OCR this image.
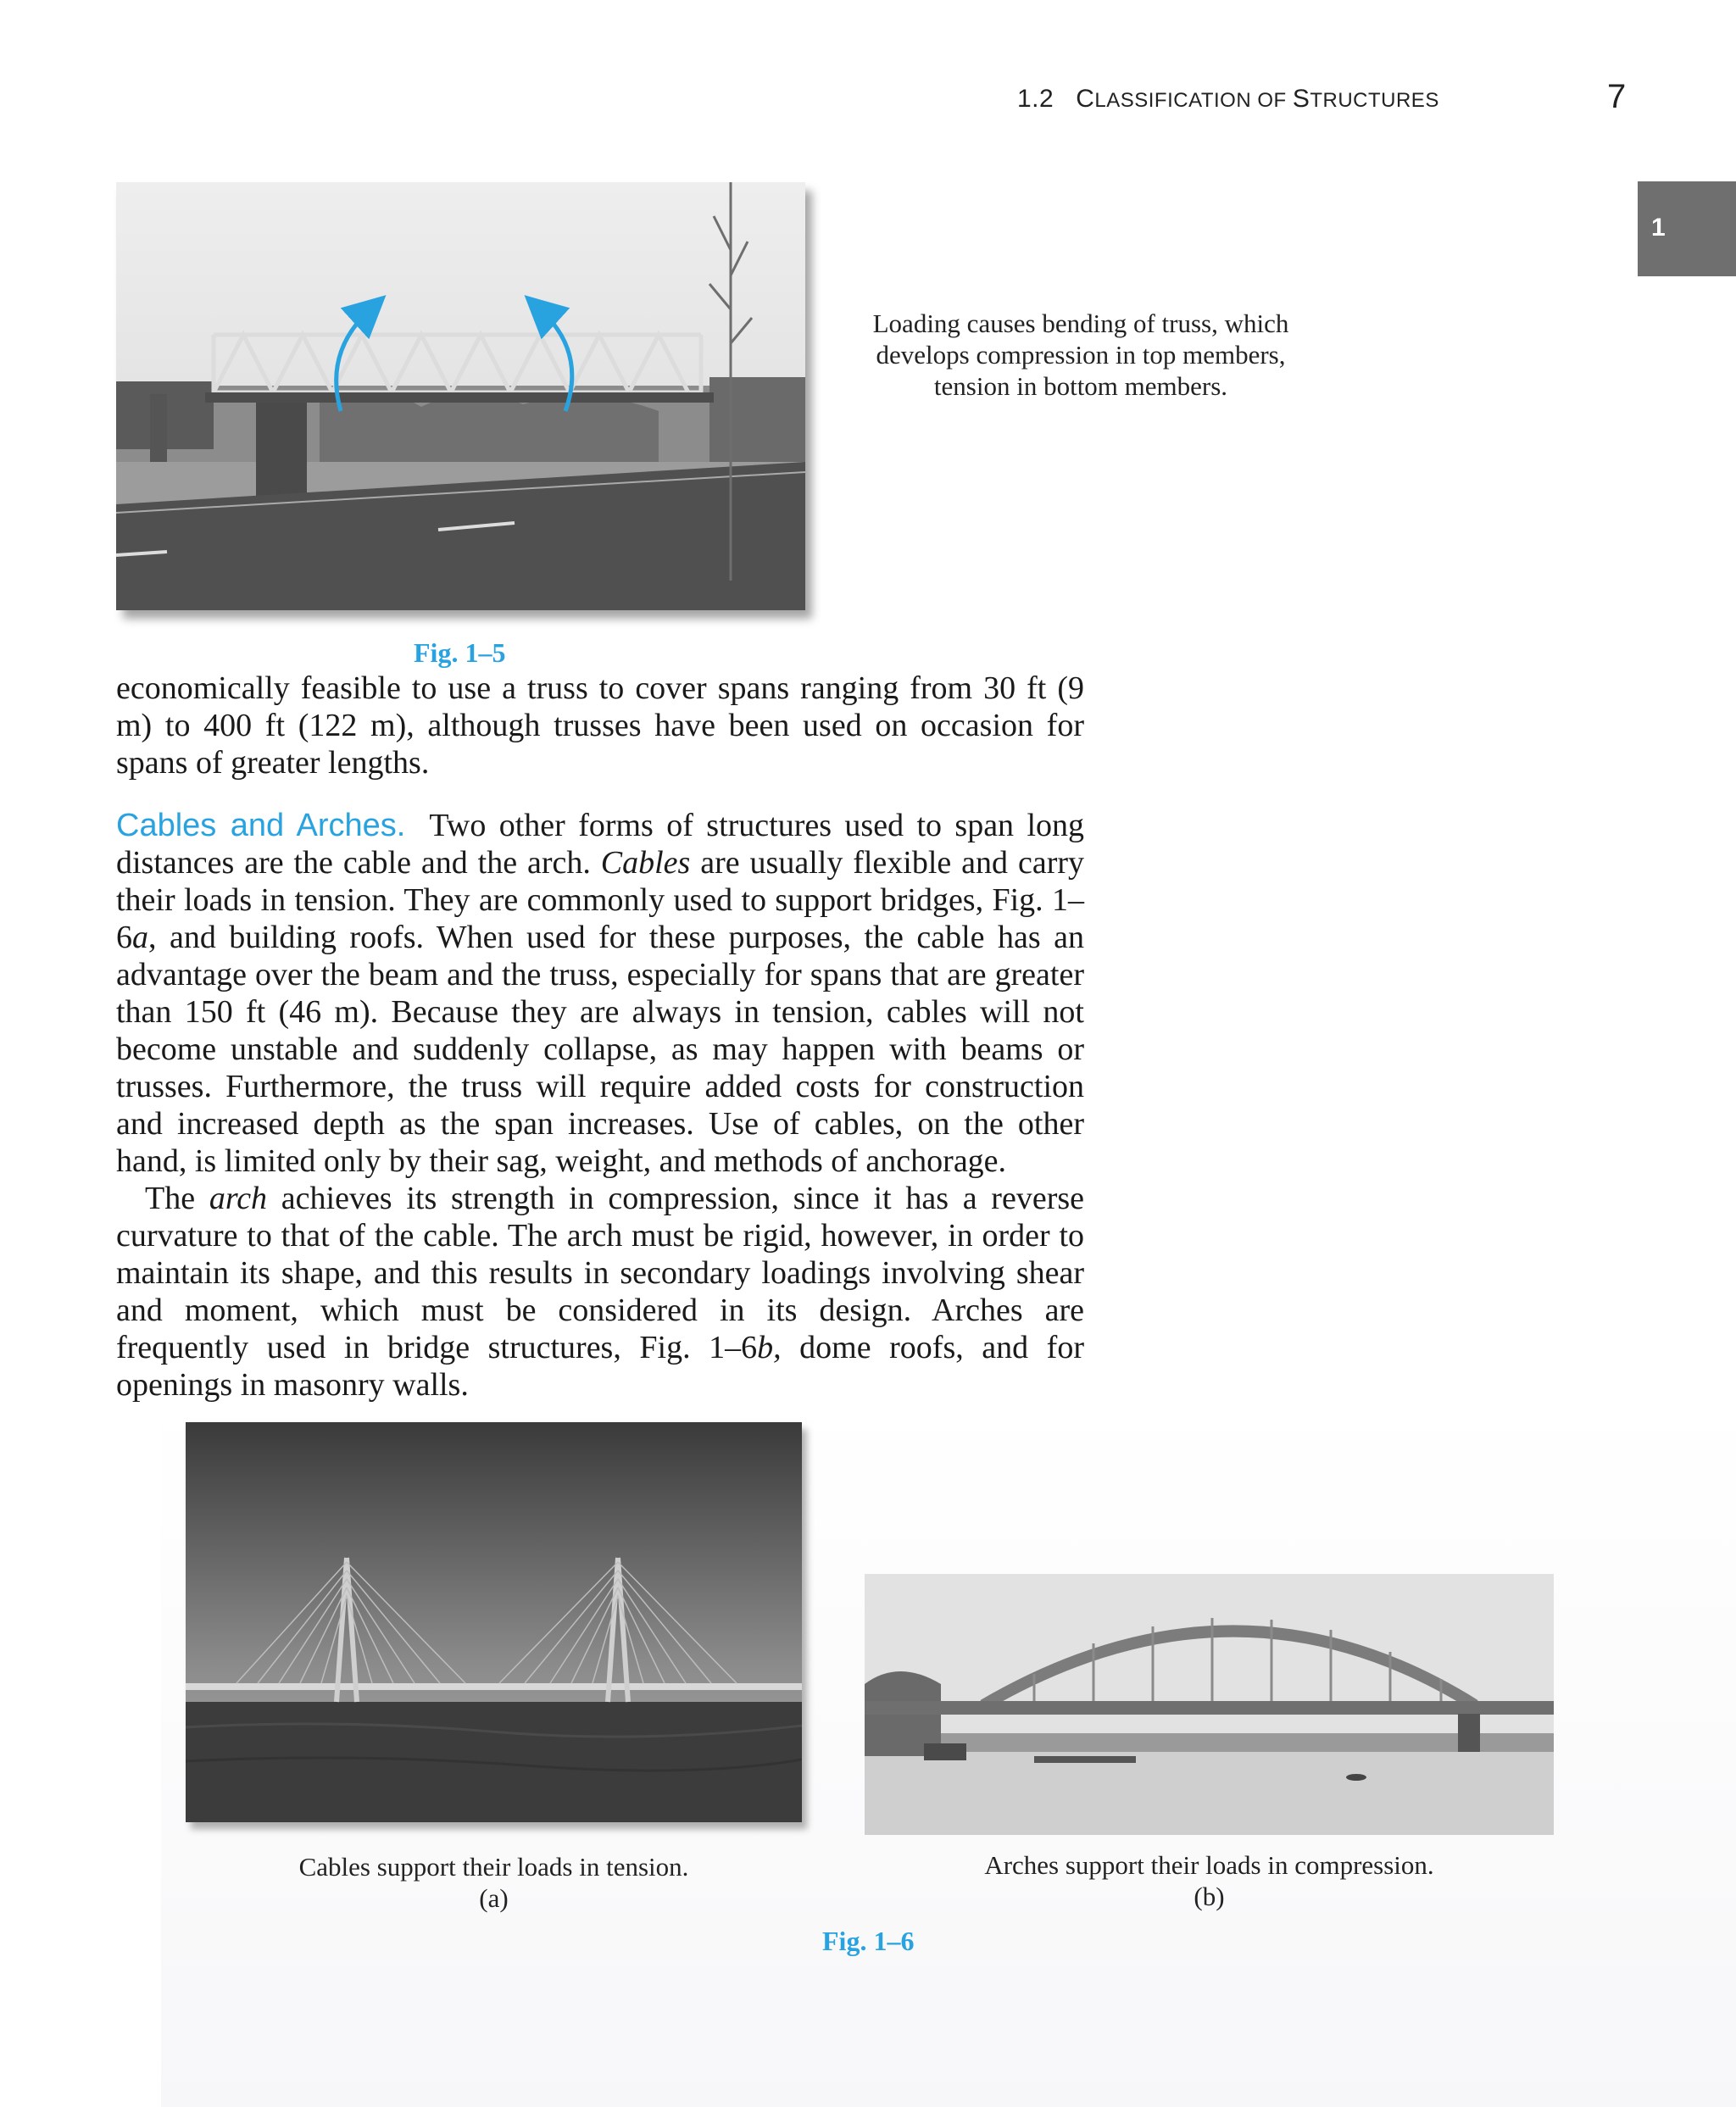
1.2 CLASSIFICATION OF STRUCTURES	7
1
Loading causes bending of truss, which develops compression in top members, tension in bottom members.
Fig. 1–5

economically feasible to use a truss to cover spans ranging from 30 ft (9 m) to 400 ft (122 m), although trusses have been used on occasion for spans of greater lengths.

Cables and Arches. Two other forms of structures used to span long distances are the cable and the arch. Cables are usually flexible and carry their loads in tension. They are commonly used to support bridges, Fig. 1–6a, and building roofs. When used for these purposes, the cable has an advantage over the beam and the truss, especially for spans that are greater than 150 ft (46 m). Because they are always in tension, cables will not become unstable and suddenly collapse, as may happen with beams or trusses. Furthermore, the truss will require added costs for construction and increased depth as the span increases. Use of cables, on the other hand, is limited only by their sag, weight, and methods of anchorage.

The arch achieves its strength in compression, since it has a reverse curvature to that of the cable. The arch must be rigid, however, in order to maintain its shape, and this results in secondary loadings involving shear and moment, which must be considered in its design. Arches are frequently used in bridge structures, Fig. 1–6b, dome roofs, and for openings in masonry walls.

Cables support their loads in tension.
(a)
Arches support their loads in compression.
(b)
Fig. 1–6
